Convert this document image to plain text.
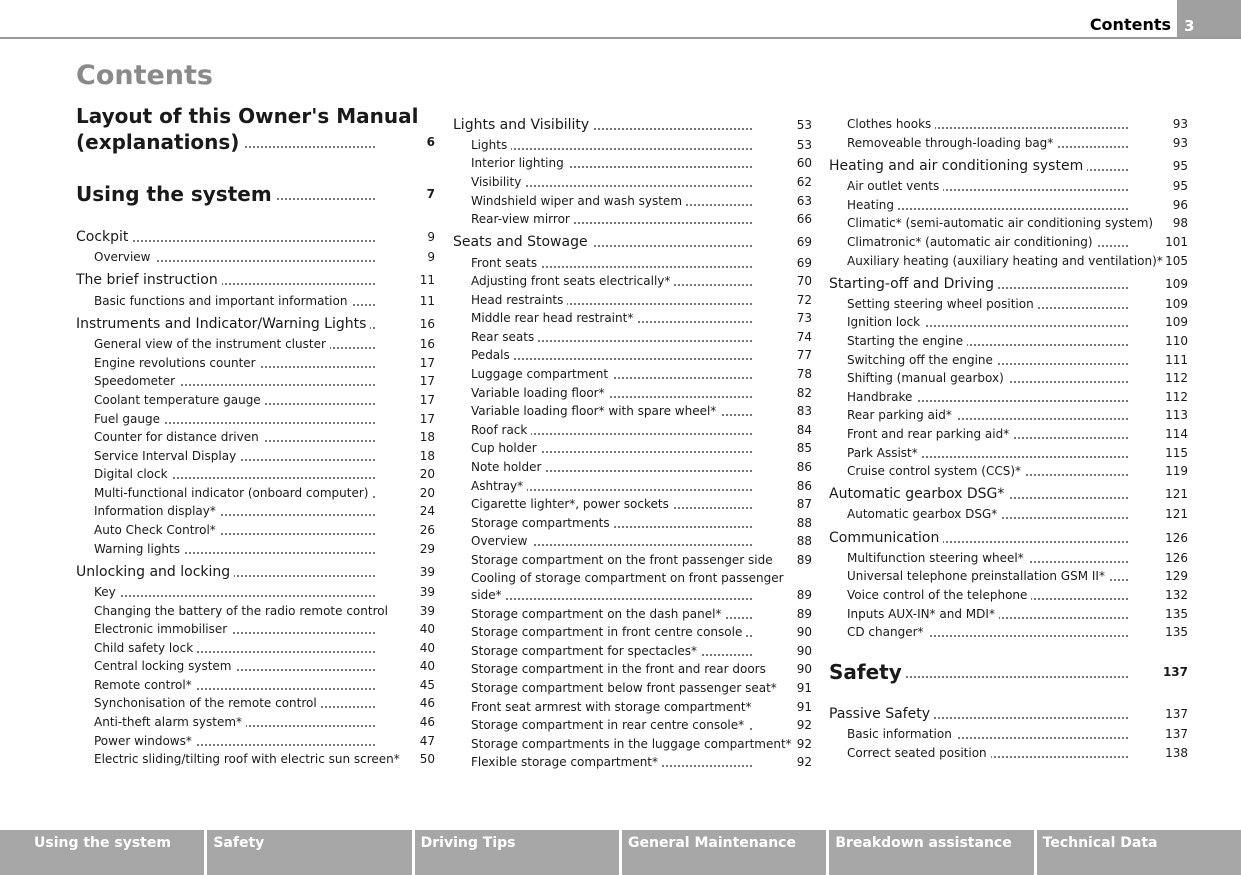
Contents 3
Contents
Layout of this Owner's Manual
(explanations)	6
Using the system	7
Cockpit	9
Overview	9
The brief instruction	11
Basic functions and important information	11
Instruments and Indicator/Warning Lights	16
General view of the instrument cluster	16
Engine revolutions counter	17
Speedometer	17
Coolant temperature gauge	17
Fuel gauge	17
Counter for distance driven	18
Service Interval Display	18
Digital clock	20
Multi-functional indicator (onboard computer)	20
Information display*	24
Auto Check Control*	26
Warning lights	29
Unlocking and locking	39
Key	39
Changing the battery of the radio remote control	39
Electronic immobiliser	40
Child safety lock	40
Central locking system	40
Remote control*	45
Synchonisation of the remote control	46
Anti-theft alarm system*	46
Power windows*	47
Electric sliding/tilting roof with electric sun screen* 50
Lights and Visibility	53
Lights	53
Interior lighting	60
Visibility	62
Windshield wiper and wash system	63
Rear-view mirror	66
Seats and Stowage	69
Front seats	69
Adjusting front seats electrically*	70
Head restraints	72
Middle rear head restraint*	73
Rear seats	74
Pedals	77
Luggage compartment	78
Variable loading floor*	82
Variable loading floor* with spare wheel*	83
Roof rack	84
Cup holder	85
Note holder	86
Ashtray*	86
Cigarette lighter*, power sockets	87
Storage compartments	88
Overview	88
Storage compartment on the front passenger side 89
Cooling of storage compartment on front passenger
side*	89
Storage compartment on the dash panel*	89
Storage compartment in front centre console	90
Storage compartment for spectacles*	90
Storage compartment in the front and rear doors	90
Storage compartment below front passenger seat* 91
Front seat armrest with storage compartment*	91
Storage compartment in rear centre console*	92
Storage compartments in the luggage compartment* 92
Flexible storage compartment*	92
Clothes hooks	93
Removeable through-loading bag*	93
Heating and air conditioning system	95
Air outlet vents	95
Heating	96
Climatic* (semi-automatic air conditioning system) 98
Climatronic* (automatic air conditioning)	101
Auxiliary heating (auxiliary heating and ventilation)* 105
Starting-off and Driving	109
Setting steering wheel position	109
Ignition lock	109
Starting the engine	110
Switching off the engine	111
Shifting (manual gearbox)	112
Handbrake	112
Rear parking aid*	113
Front and rear parking aid*	114
Park Assist*	115
Cruise control system (CCS)*	119
Automatic gearbox DSG*	121
Automatic gearbox DSG*	121
Communication	126
Multifunction steering wheel*	126
Universal telephone preinstallation GSM II*	129
Voice control of the telephone	132
Inputs AUX-IN* and MDI*	135
CD changer*	135
Safety	137
Passive Safety	137
Basic information	137
Correct seated position	138
Using the system	Safety	Driving Tips	General Maintenance	Breakdown assistance	Technical Data
